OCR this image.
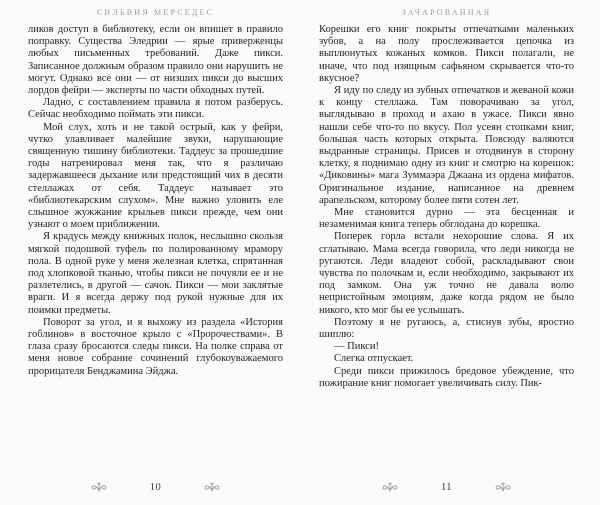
СИЛЬВИЯ МЕРСЕДЕС

ликов доступ в библиотеку, если он впишет в правило поправку. Существа Эледрии — ярые приверженцы любых письменных требований. Даже пикси. Записанное должным образом правило они нарушить не могут. Однако все они — от низших пикси до высших лордов фейри — эксперты по части обходных путей.

Ладно, с составлением правила я потом разберусь. Сейчас необходимо поймать эти пикси.

Мой слух, хоть и не такой острый, как у фейри, чутко улавливает малейшие звуки, нарушающие священную тишину библиотеки. Таддеус за прошедшие годы натренировал меня так, что я различаю задержавшееся дыхание или предстоящий чих в десяти стеллажах от себя. Таддеус называет это «библиотекарским слухом». Мне важно уловить еле слышное жужжание крыльев пикси прежде, чем они узнают о моем приближении.

Я крадусь между книжных полок, неслышно скользя мягкой подошвой туфель по полированному мрамору пола. В одной руке у меня железная клетка, спрятанная под хлопковой тканью, чтобы пикси не почуяли ее и не разлетелись, в другой — сачок. Пикси — мои заклятые враги. И я всегда держу под рукой нужные для их поимки предметы.

Поворот за угол, и я выхожу из раздела «История гоблинов» в восточное крыло с «Пророчествами». В глаза сразу бросаются следы пикси. На полке справа от меня новое собрание сочинений глубокоуважаемого прорицателя Бенджамина Эйджа.

10
ЗАЧАРОВАННАЯ

Корешки его книг покрыты отпечатками маленьких зубов, а на полу прослеживается цепочка из выплюнутых кожаных комков. Пикси полагали, не иначе, что под изящным сафьяном скрывается что-то вкусное?

Я иду по следу из зубных отпечатков и жеваной кожи к концу стеллажа. Там поворачиваю за угол, выглядываю в проход и ахаю в ужасе. Пикси явно нашли себе что-то по вкусу. Пол усеян стопками книг, большая часть которых открыта. Повсюду валяются выдранные страницы. Присев и отодвинув в сторону клетку, я поднимаю одну из книг и смотрю на корешок: «Диковины» мага Зуммаэра Джаана из ордена мифатов. Оригинальное издание, написанное на древнем арапельском, которому более пяти сотен лет.

Мне становится дурно — эта бесценная и незаменимая книга теперь обглодана до корешка.

Поперек горла встали нехорошие слова. Я их сглатываю. Мама всегда говорила, что леди никогда не ругаются. Леди владеют собой, раскладывают свои чувства по полочкам и, если необходимо, закрывают их под замком. Она уж точно не давала волю непристойным эмоциям, даже когда рядом не было никого, кто мог бы ее услышать.

Поэтому я не ругаюсь, а, стиснув зубы, яростно шиплю:

— Пикси!

Слегка отпускает.

Среди пикси прижилось бредовое убеждение, что пожирание книг помогает увеличивать силу. Пик-

11
